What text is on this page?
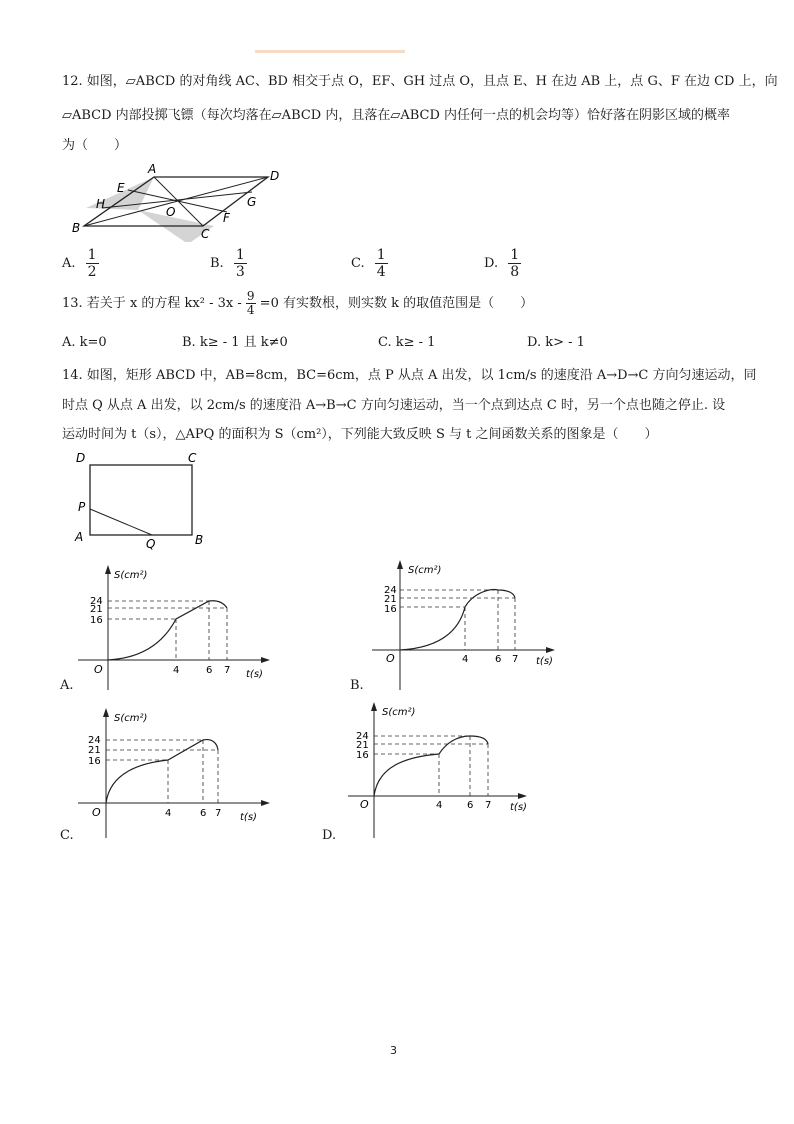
12. 如图，▱ABCD 的对角线 AC、BD 相交于点 O，EF、GH 过点 O，且点 E、H 在边 AB 上，点 G、F 在边 CD 上，向
▱ABCD 内部投掷飞镖（每次均落在▱ABCD 内，且落在▱ABCD 内任何一点的机会均等）恰好落在阴影区域的概率
为（　　）
A	D
E
H
O
G
F
B	C
A. $\frac{1}{2}$	B. $\frac{1}{3}$	C. $\frac{1}{4}$	D. $\frac{1}{8}$
13. 若关于 x 的方程 $kx^2 - 3x - \frac{9}{4} =0$ 有实数根，则实数 k 的取值范围是（　　）
A. k=0	B. k≥ - 1 且 k≠0	C. k≥ - 1	D. k> - 1
14. 如图，矩形 ABCD 中，AB=8cm，BC=6cm，点 P 从点 A 出发，以 1cm/s 的速度沿 A→D→C 方向匀速运动，同
时点 Q 从点 A 出发，以 2cm/s 的速度沿 A→B→C 方向匀速运动，当一个点到达点 C 时，另一个点也随之停止. 设
运动时间为 t（s），△APQ 的面积为 S（cm²），下列能大致反映 S 与 t 之间函数关系的图象是（　　）
D	C
P
A	Q	B
S(cm²)
t(s)
O
24
21
16
4	6 7
A.
S(cm²)
t(s)
O
24
21
16
4	6 7
B.
S(cm²)
t(s)
O
24
21
16
4	6 7
C.
S(cm²)
t(s)
O
24
21
16
4 6 7
D.
3
